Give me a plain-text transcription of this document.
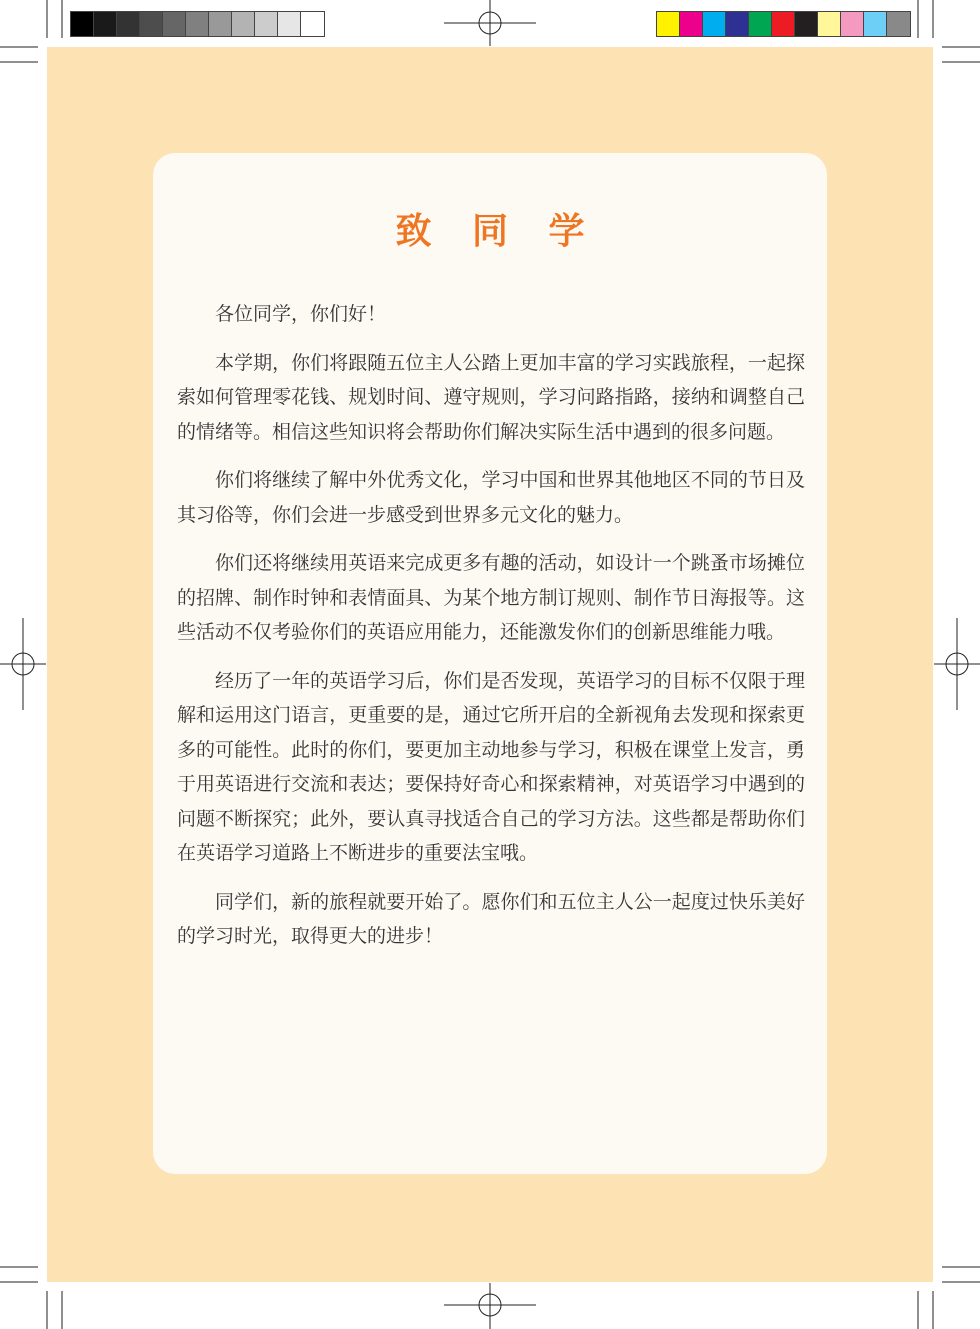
致 同 学

各位同学，你们好！

本学期，你们将跟随五位主人公踏上更加丰富的学习实践旅程，一起探索如何管理零花钱、规划时间、遵守规则，学习问路指路，接纳和调整自己的情绪等。相信这些知识将会帮助你们解决实际生活中遇到的很多问题。

你们将继续了解中外优秀文化，学习中国和世界其他地区不同的节日及其习俗等，你们会进一步感受到世界多元文化的魅力。

你们还将继续用英语来完成更多有趣的活动，如设计一个跳蚤市场摊位的招牌、制作时钟和表情面具、为某个地方制订规则、制作节日海报等。这些活动不仅考验你们的英语应用能力，还能激发你们的创新思维能力哦。

经历了一年的英语学习后，你们是否发现，英语学习的目标不仅限于理解和运用这门语言，更重要的是，通过它所开启的全新视角去发现和探索更多的可能性。此时的你们，要更加主动地参与学习，积极在课堂上发言，勇于用英语进行交流和表达；要保持好奇心和探索精神，对英语学习中遇到的问题不断探究；此外，要认真寻找适合自己的学习方法。这些都是帮助你们在英语学习道路上不断进步的重要法宝哦。

同学们，新的旅程就要开始了。愿你们和五位主人公一起度过快乐美好的学习时光，取得更大的进步！
